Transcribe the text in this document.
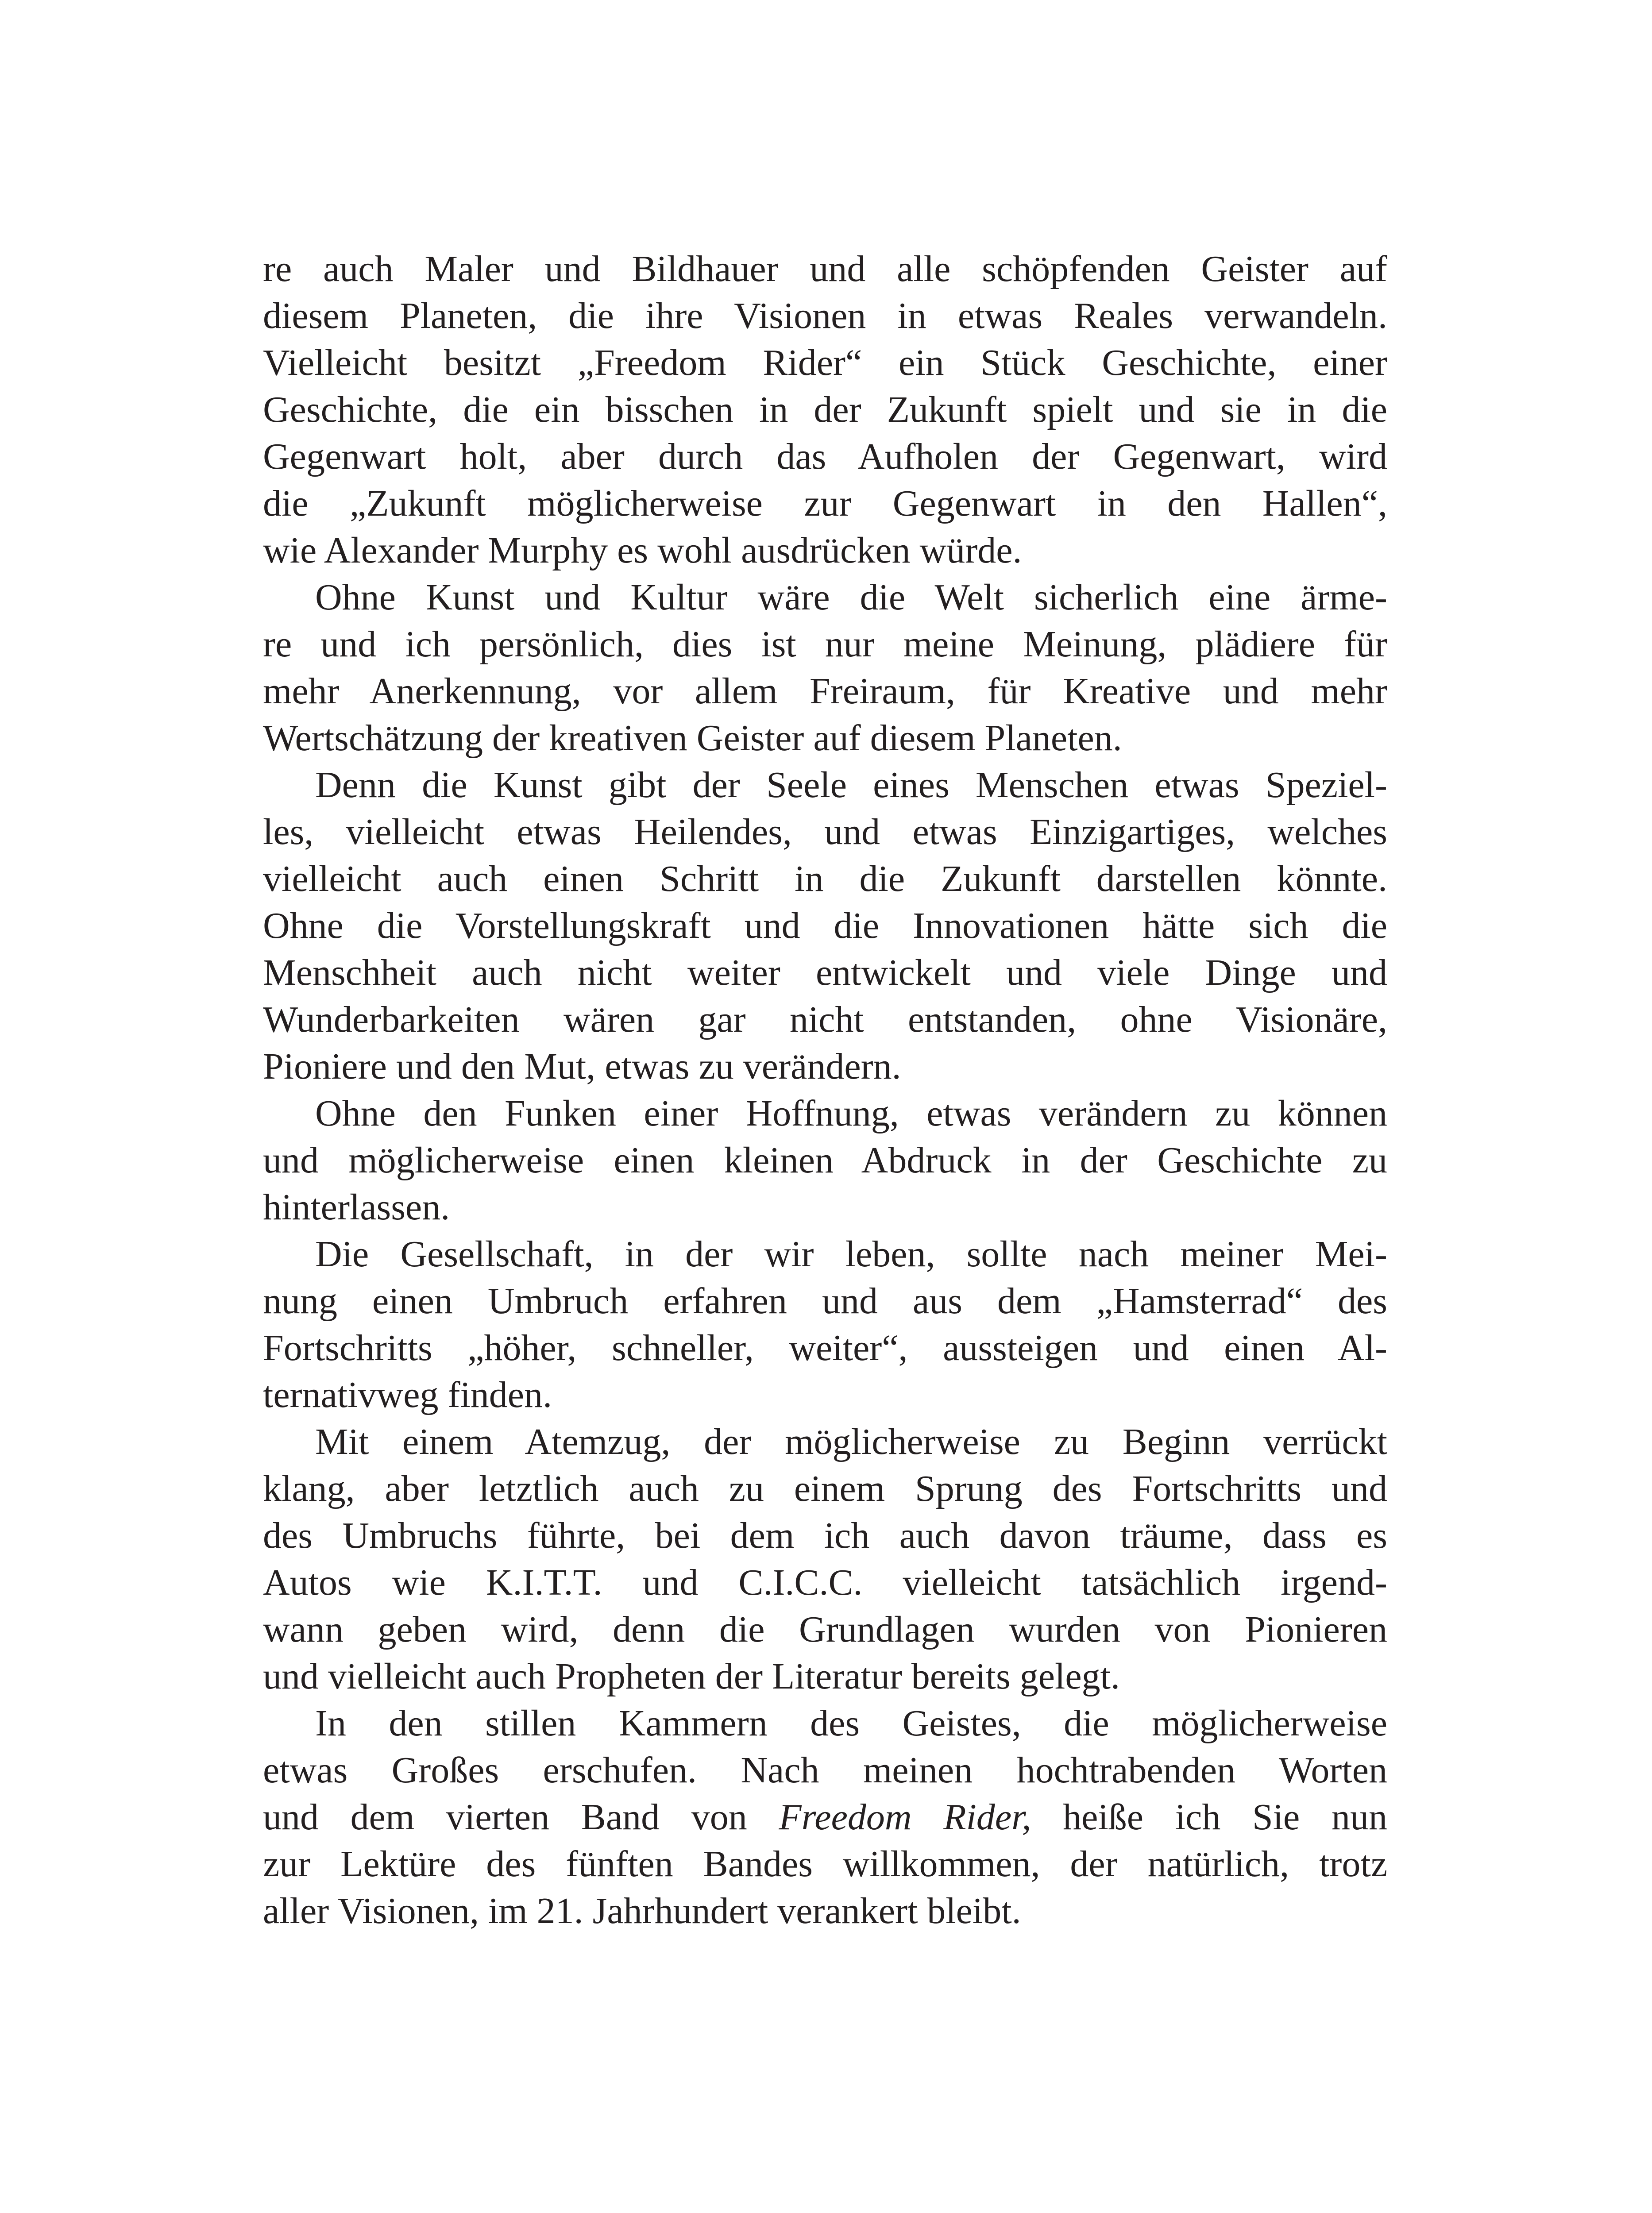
re auch Maler und Bildhauer und alle schöpfenden Geister auf
diesem Planeten, die ihre Visionen in etwas Reales verwandeln.
Vielleicht besitzt „Freedom Rider“ ein Stück Geschichte, einer
Geschichte, die ein bisschen in der Zukunft spielt und sie in die
Gegenwart holt, aber durch das Aufholen der Gegenwart, wird
die „Zukunft möglicherweise zur Gegenwart in den Hallen“,
wie Alexander Murphy es wohl ausdrücken würde.
Ohne Kunst und Kultur wäre die Welt sicherlich eine ärme-
re und ich persönlich, dies ist nur meine Meinung, plädiere für
mehr Anerkennung, vor allem Freiraum, für Kreative und mehr
Wertschätzung der kreativen Geister auf diesem Planeten.
Denn die Kunst gibt der Seele eines Menschen etwas Speziel-
les, vielleicht etwas Heilendes, und etwas Einzigartiges, welches
vielleicht auch einen Schritt in die Zukunft darstellen könnte.
Ohne die Vorstellungskraft und die Innovationen hätte sich die
Menschheit auch nicht weiter entwickelt und viele Dinge und
Wunderbarkeiten wären gar nicht entstanden, ohne Visionäre,
Pioniere und den Mut, etwas zu verändern.
Ohne den Funken einer Hoffnung, etwas verändern zu können
und möglicherweise einen kleinen Abdruck in der Geschichte zu
hinterlassen.
Die Gesellschaft, in der wir leben, sollte nach meiner Mei-
nung einen Umbruch erfahren und aus dem „Hamsterrad“ des
Fortschritts „höher, schneller, weiter“, aussteigen und einen Al-
ternativweg finden.
Mit einem Atemzug, der möglicherweise zu Beginn verrückt
klang, aber letztlich auch zu einem Sprung des Fortschritts und
des Umbruchs führte, bei dem ich auch davon träume, dass es
Autos wie K.I.T.T. und C.I.C.C. vielleicht tatsächlich irgend-
wann geben wird, denn die Grundlagen wurden von Pionieren
und vielleicht auch Propheten der Literatur bereits gelegt.
In den stillen Kammern des Geistes, die möglicherweise
etwas Großes erschufen. Nach meinen hochtrabenden Worten
und dem vierten Band von Freedom Rider, heiße ich Sie nun
zur Lektüre des fünften Bandes willkommen, der natürlich, trotz
aller Visionen, im 21. Jahrhundert verankert bleibt.
